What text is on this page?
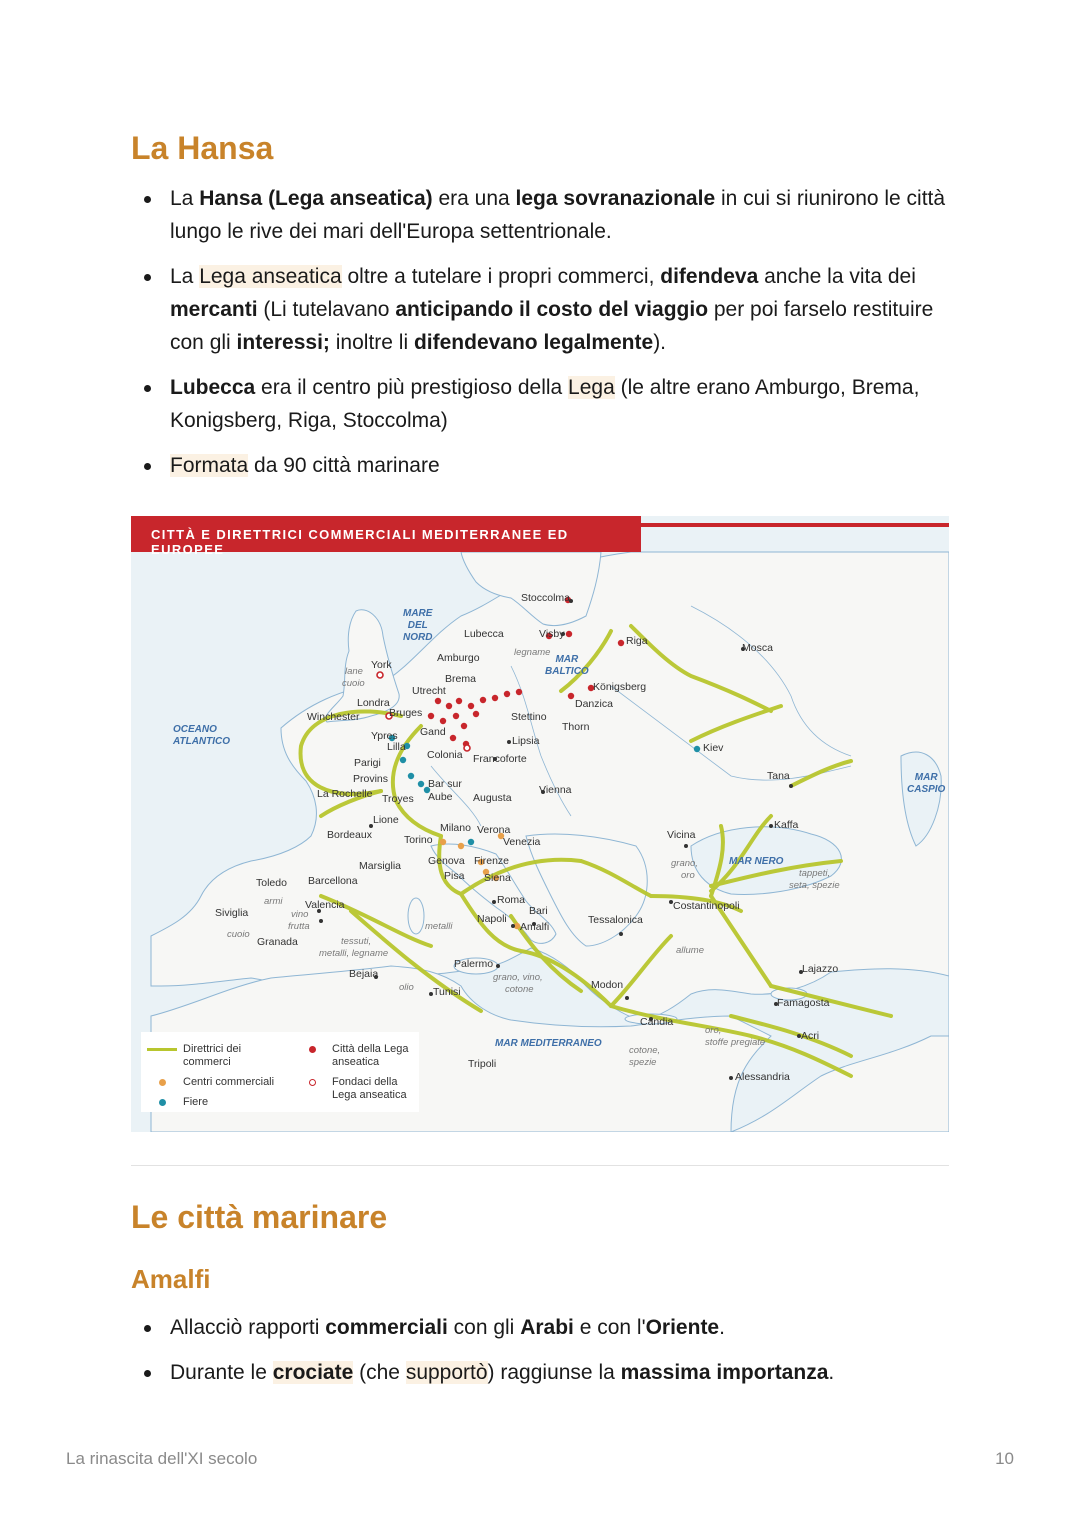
La Hansa
La Hansa (Lega anseatica) era una lega sovranazionale in cui si riunirono le città lungo le rive dei mari dell'Europa settentrionale.
La Lega anseatica oltre a tutelare i propri commerci, difendeva anche la vita dei mercanti (Li tutelavano anticipando il costo del viaggio per poi farselo restituire con gli interessi; inoltre li difendevano legalmente).
Lubecca era il centro più prestigioso della Lega (le altre erano Amburgo, Brema, Konigsberg, Riga, Stoccolma)
Formata da 90 città marinare
CITTÀ E DIRETTRICI COMMERCIALI MEDITERRANEE ED EUROPEE
OCEANO
ATLANTICO
MARE
DEL
NORD
MAR
BALTICO
MAR
CASPIO
MAR NERO
MAR MEDITERRANEO
Stoccolma
Visby
Riga
Lubecca
Amburgo
Brema
Königsberg
Danzica
Thorn
Stettino
Lipsia
Francoforte
Colonia
Utrecht
Bruges
Gand
Ypres
Lilla
Londra
Winchester
York
Parigi
Provins
Troyes
Bar sur Aube
La Rochelle
Bordeaux
Lione
Augusta
Vienna
Milano Verona
Venezia
Torino
Genova Firenze
Pisa Siena
Marsiglia
Barcellona
Valencia
Toledo
Siviglia
Granada
Bejaia
Tunisi
Tripoli
Palermo
Roma
Napoli
Bari
Amalfi
Tessalonica
Modon
Candia
Costantinopoli
Vicina
Kaffa
Tana
Kiev
Mosca
Lajazzo
Famagosta
Acri
Alessandria
lane
cuoio
legname
armi
vino
frutta
cuoio
tessuti,
metalli, legname
metalli
olio
grano, vino,
cotone
grano,
oro	tappeti,
seta, spezie
allume
oro,
stoffe pregiate
cotone,
spezie
Direttrici dei commerci
Centri commerciali
Fiere
Città della Lega anseatica
Fondaci della Lega anseatica
Le città marinare
Amalfi
Allacciò rapporti commerciali con gli Arabi e con l'Oriente.
Durante le crociate (che supportò) raggiunse la massima importanza.
La rinascita dell'XI secolo	10
